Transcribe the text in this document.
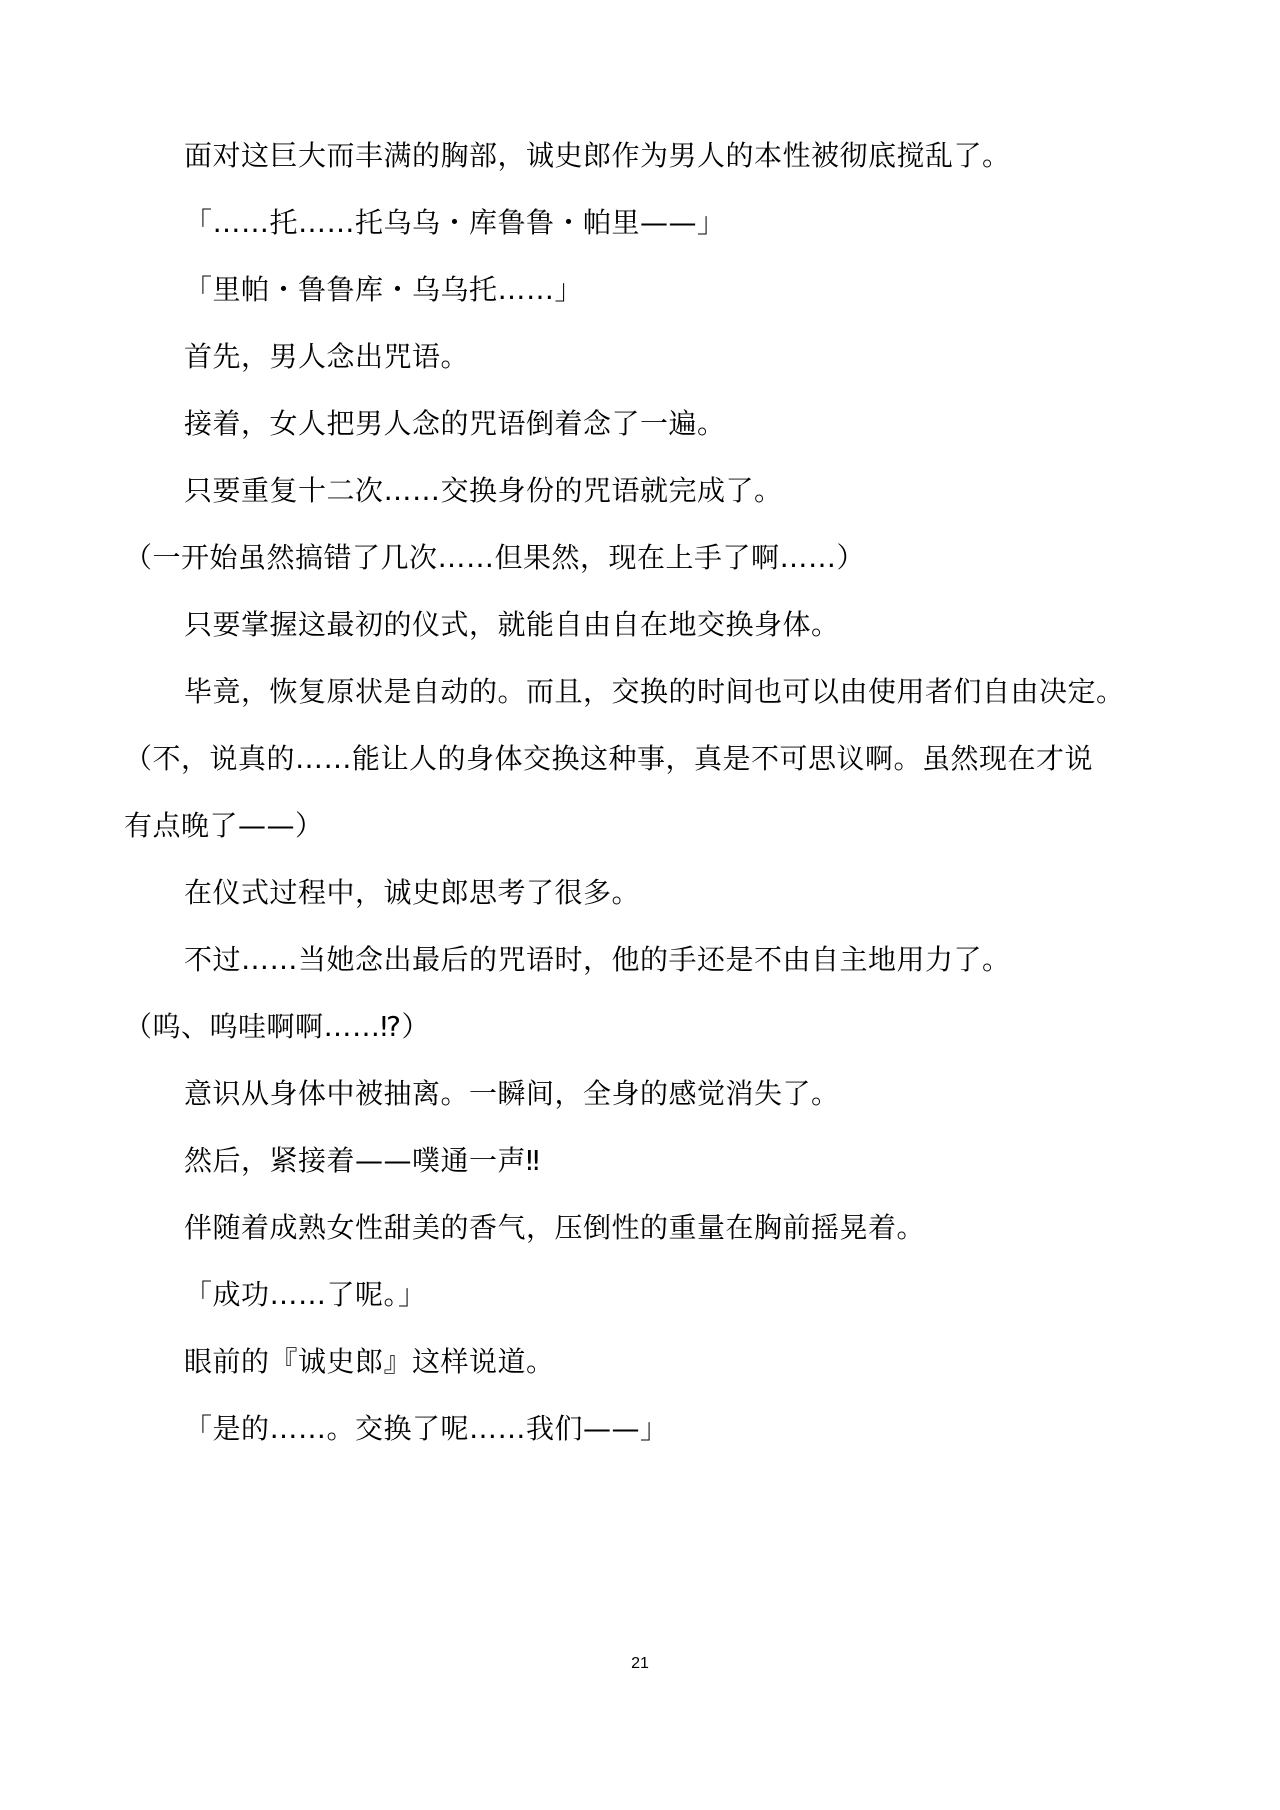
面对这巨大而丰满的胸部，诚史郎作为男人的本性被彻底搅乱了。
「……托……托乌乌・库鲁鲁・帕里——」
「里帕・鲁鲁库・乌乌托……」
首先，男人念出咒语。
接着，女人把男人念的咒语倒着念了一遍。
只要重复十二次……交换身份的咒语就完成了。
（一开始虽然搞错了几次……但果然，现在上手了啊……）
只要掌握这最初的仪式，就能自由自在地交换身体。
毕竟，恢复原状是自动的。而且，交换的时间也可以由使用者们自由决定。
（不，说真的……能让人的身体交换这种事，真是不可思议啊。虽然现在才说
有点晚了——）
在仪式过程中，诚史郎思考了很多。
不过……当她念出最后的咒语时，他的手还是不由自主地用力了。
（呜、呜哇啊啊……⁉）
意识从身体中被抽离。一瞬间，全身的感觉消失了。
然后，紧接着——噗通一声‼
伴随着成熟女性甜美的香气，压倒性的重量在胸前摇晃着。
「成功……了呢。」
眼前的『诚史郎』这样说道。
「是的……。交换了呢……我们——」
21
